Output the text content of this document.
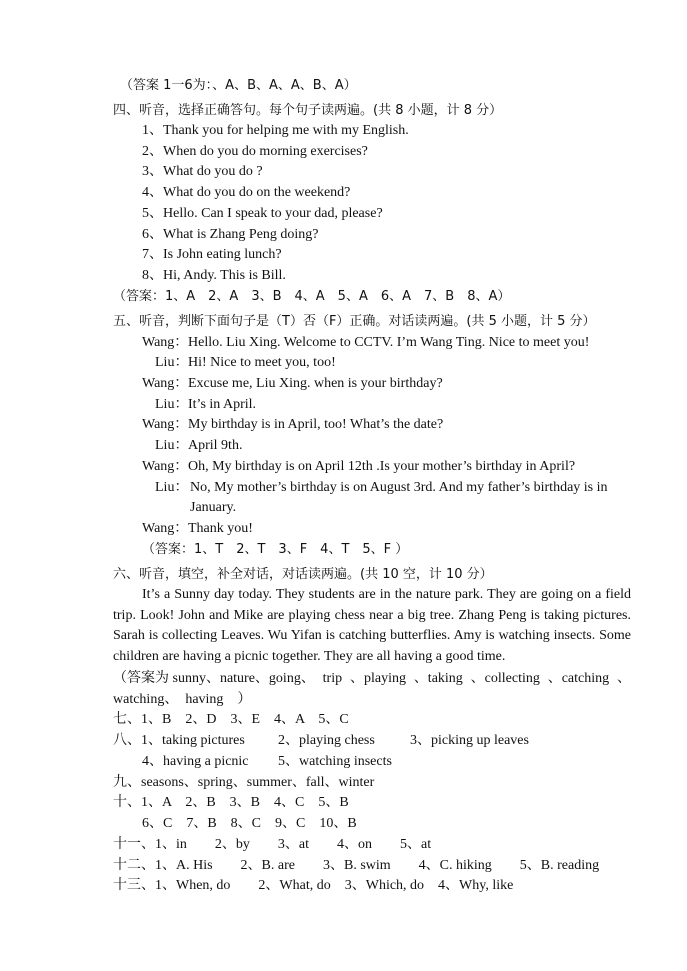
（答案 1一6为：、A、B、A、A、B、A）
四、听音，选择正确答句。每个句子读两遍。(共 8 小题，计 8 分）
1、Thank you for helping me with my English.
2、When do you do morning exercises?
3、What do you do ?
4、What do you do on the weekend?
5、Hello. Can I speak to your dad, please?
6、What is Zhang Peng doing?
7、Is John eating lunch?
8、Hi, Andy. This is Bill.
（答案：1、A　2、A　3、B　4、A　5、A　6、A　7、B　8、A）
五、听音，判断下面句子是（T）否（F）正确。对话读两遍。(共 5 小题，计 5 分）
Wang： Hello. Liu Xing. Welcome to CCTV. I’m Wang Ting. Nice to meet you!
Liu： Hi! Nice to meet you, too!
Wang： Excuse me, Liu Xing. when is your birthday?
Liu： It’s in April.
Wang： My birthday is in April, too! What’s the date?
Liu： April 9th.
Wang： Oh, My birthday is on April 12th .Is your mother’s birthday in April?
Liu： No, My mother’s birthday is on August 3rd. And my father’s birthday is in
January.
Wang： Thank you!
（答案：1、T　2、T　3、F　4、T　5、F ）
六、听音，填空，补全对话，对话读两遍。(共 10 空，计 10 分）
It’s a Sunny day today. They students are in the nature park. They are going on a field trip. Look! John and Mike are playing chess near a big tree. Zhang Peng is taking pictures. Sarah is collecting Leaves. Wu Yifan is catching butterflies. Amy is watching insects. Some children are having a picnic together. They are all having a good time.
（答案为 sunny、nature、going、 trip 、playing 、taking 、collecting 、catching 、
watching、　having　）
七、1、B　2、D　3、E　4、A　5、C
八、1、taking pictures 2、playing chess	3、picking up leaves
4、having a picnic 5、watching insects
九、seasons、spring、summer、fall、winter
十、1、A　2、B　3、B　4、C　5、B
6、C　7、B　8、C　9、C　10、B
十一、1、in　　2、by　　3、at　　4、on　　5、at
十二、1、A. His　　2、B. are　　3、B. swim　　4、C. hiking　　5、B. reading
十三、1、When, do　　2、What, do　3、Which, do　4、Why, like
